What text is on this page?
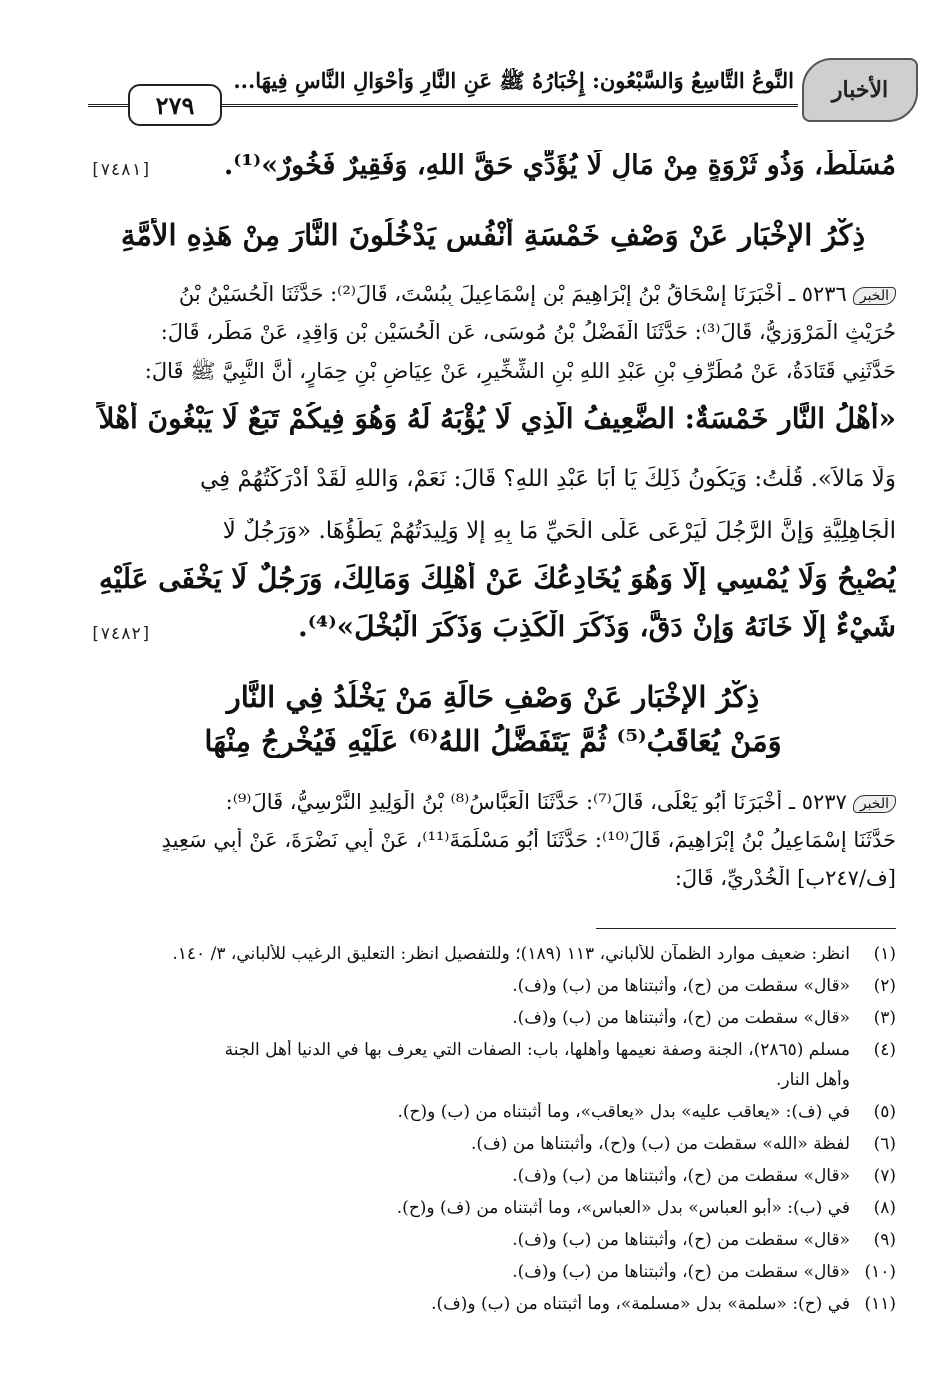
الأخبار
النَّوعُ التَّاسِعُ وَالسَّبْعُون: إِخْبَارُهُ ﷺ عَنِ النَّارِ وَأَحْوَالِ النَّاسِ فِيهَا...
٢٧٩
مُسَلَّطٌ، وَذُو ثَرْوَةٍ مِنْ مَالٍ لَا يُؤَدِّي حَقَّ اللهِ، وَفَقِيرٌ فَخُورٌ»⁽¹⁾.
[٧٤٨١]
ذِكْرُ الإِخْبَارِ عَنْ وَصْفِ خَمْسَةِ أَنْفُسٍ يَدْخُلُونَ النَّارَ مِنْ هَذِهِ الأُمَّةِ
الخبر٥٢٣٦ ـ أَخْبَرَنَا إِسْحَاقُ بْنُ إِبْرَاهِيمَ بْنِ إِسْمَاعِيلَ بِبُسْتَ، قَالَ⁽²⁾: حَدَّثَنَا الْحُسَيْنُ بْنُ
حُرَيْثٍ الْمَرْوَزِيُّ، قَالَ⁽³⁾: حَدَّثَنَا الْفَضْلُ بْنُ مُوسَى، عَنِ الْحُسَيْنِ بْنِ وَاقِدٍ، عَنْ مَطَرٍ، قَالَ:
حَدَّثَنِي قَتَادَةُ، عَنْ مُطَرِّفِ بْنِ عَبْدِ اللهِ بْنِ الشِّخِّيرِ، عَنْ عِيَاضِ بْنِ حِمَارٍ، أَنَّ النَّبِيَّ ﷺ قَالَ:
«أَهْلُ النَّارِ خَمْسَةٌ: الضَّعِيفُ الَّذِي لَا يُؤْبَهُ لَهُ وَهُوَ فِيكُمْ تَبَعٌ لَا يَبْغُونَ أَهْلاً
وَلَا مَالاً». قُلْتُ: وَيَكُونُ ذَلِكَ يَا أَبَا عَبْدِ اللهِ؟ قَالَ: نَعَمْ، وَاللهِ لَقَدْ أَدْرَكْتُهُمْ فِي
الْجَاهِلِيَّةِ وَإِنَّ الرَّجُلَ لَيَرْعَى عَلَى الْحَيِّ مَا بِهِ إِلا وَلِيدَتُهُمْ يَطَؤُهَا. «وَرَجُلٌ لَا
يُصْبِحُ وَلَا يُمْسِي إِلَّا وَهُوَ يُخَادِعُكَ عَنْ أَهْلِكَ وَمَالِكَ، وَرَجُلٌ لَا يَخْفَى عَلَيْهِ
شَيْءٌ إِلَّا خَانَهُ وَإِنْ دَقَّ، وَذَكَرَ الْكَذِبَ وَذَكَرَ الْبُخْلَ»⁽⁴⁾.
[٧٤٨٢]
ذِكْرُ الإِخْبَارِ عَنْ وَصْفِ حَالَةِ مَنْ يَخْلُدُ فِي النَّارِ
وَمَنْ يُعَاقَبُ⁽⁵⁾ ثُمَّ يَتَفَضَّلُ اللهُ⁽⁶⁾ عَلَيْهِ فَيُخْرِجُ مِنْهَا
الخبر٥٢٣٧ ـ أَخْبَرَنَا أَبُو يَعْلَى، قَالَ⁽⁷⁾: حَدَّثَنَا الْعَبَّاسُ⁽⁸⁾ بْنُ الْوَلِيدِ النَّرْسِيُّ، قَالَ⁽⁹⁾:
حَدَّثَنَا إِسْمَاعِيلُ بْنُ إِبْرَاهِيمَ، قَالَ⁽¹⁰⁾: حَدَّثَنَا أَبُو مَسْلَمَةَ⁽¹¹⁾، عَنْ أَبِي نَضْرَةَ، عَنْ أَبِي سَعِيدٍ
[ف/٢٤٧ب] الْخُدْرِيِّ، قَالَ:
(١)انظر: ضعيف موارد الظمآن للألباني، ١١٣ (١٨٩)؛ وللتفصيل انظر: التعليق الرغيب للألباني، ٣/ ١٤٠.
(٢)«قال» سقطت من (ح)، وأثبتناها من (ب) و(ف).
(٣)«قال» سقطت من (ح)، وأثبتناها من (ب) و(ف).
(٤)مسلم (٢٨٦٥)، الجنة وصفة نعيمها وأهلها، باب: الصفات التي يعرف بها في الدنيا أهل الجنة
وأهل النار.
(٥)في (ف): «يعاقب عليه» بدل «يعاقب»، وما أثبتناه من (ب) و(ح).
(٦)لفظة «الله» سقطت من (ب) و(ح)، وأثبتناها من (ف).
(٧)«قال» سقطت من (ح)، وأثبتناها من (ب) و(ف).
(٨)في (ب): «أبو العباس» بدل «العباس»، وما أثبتناه من (ف) و(ح).
(٩)«قال» سقطت من (ح)، وأثبتناها من (ب) و(ف).
(١٠)«قال» سقطت من (ح)، وأثبتناها من (ب) و(ف).
(١١)في (ح): «سلمة» بدل «مسلمة»، وما أثبتناه من (ب) و(ف).
